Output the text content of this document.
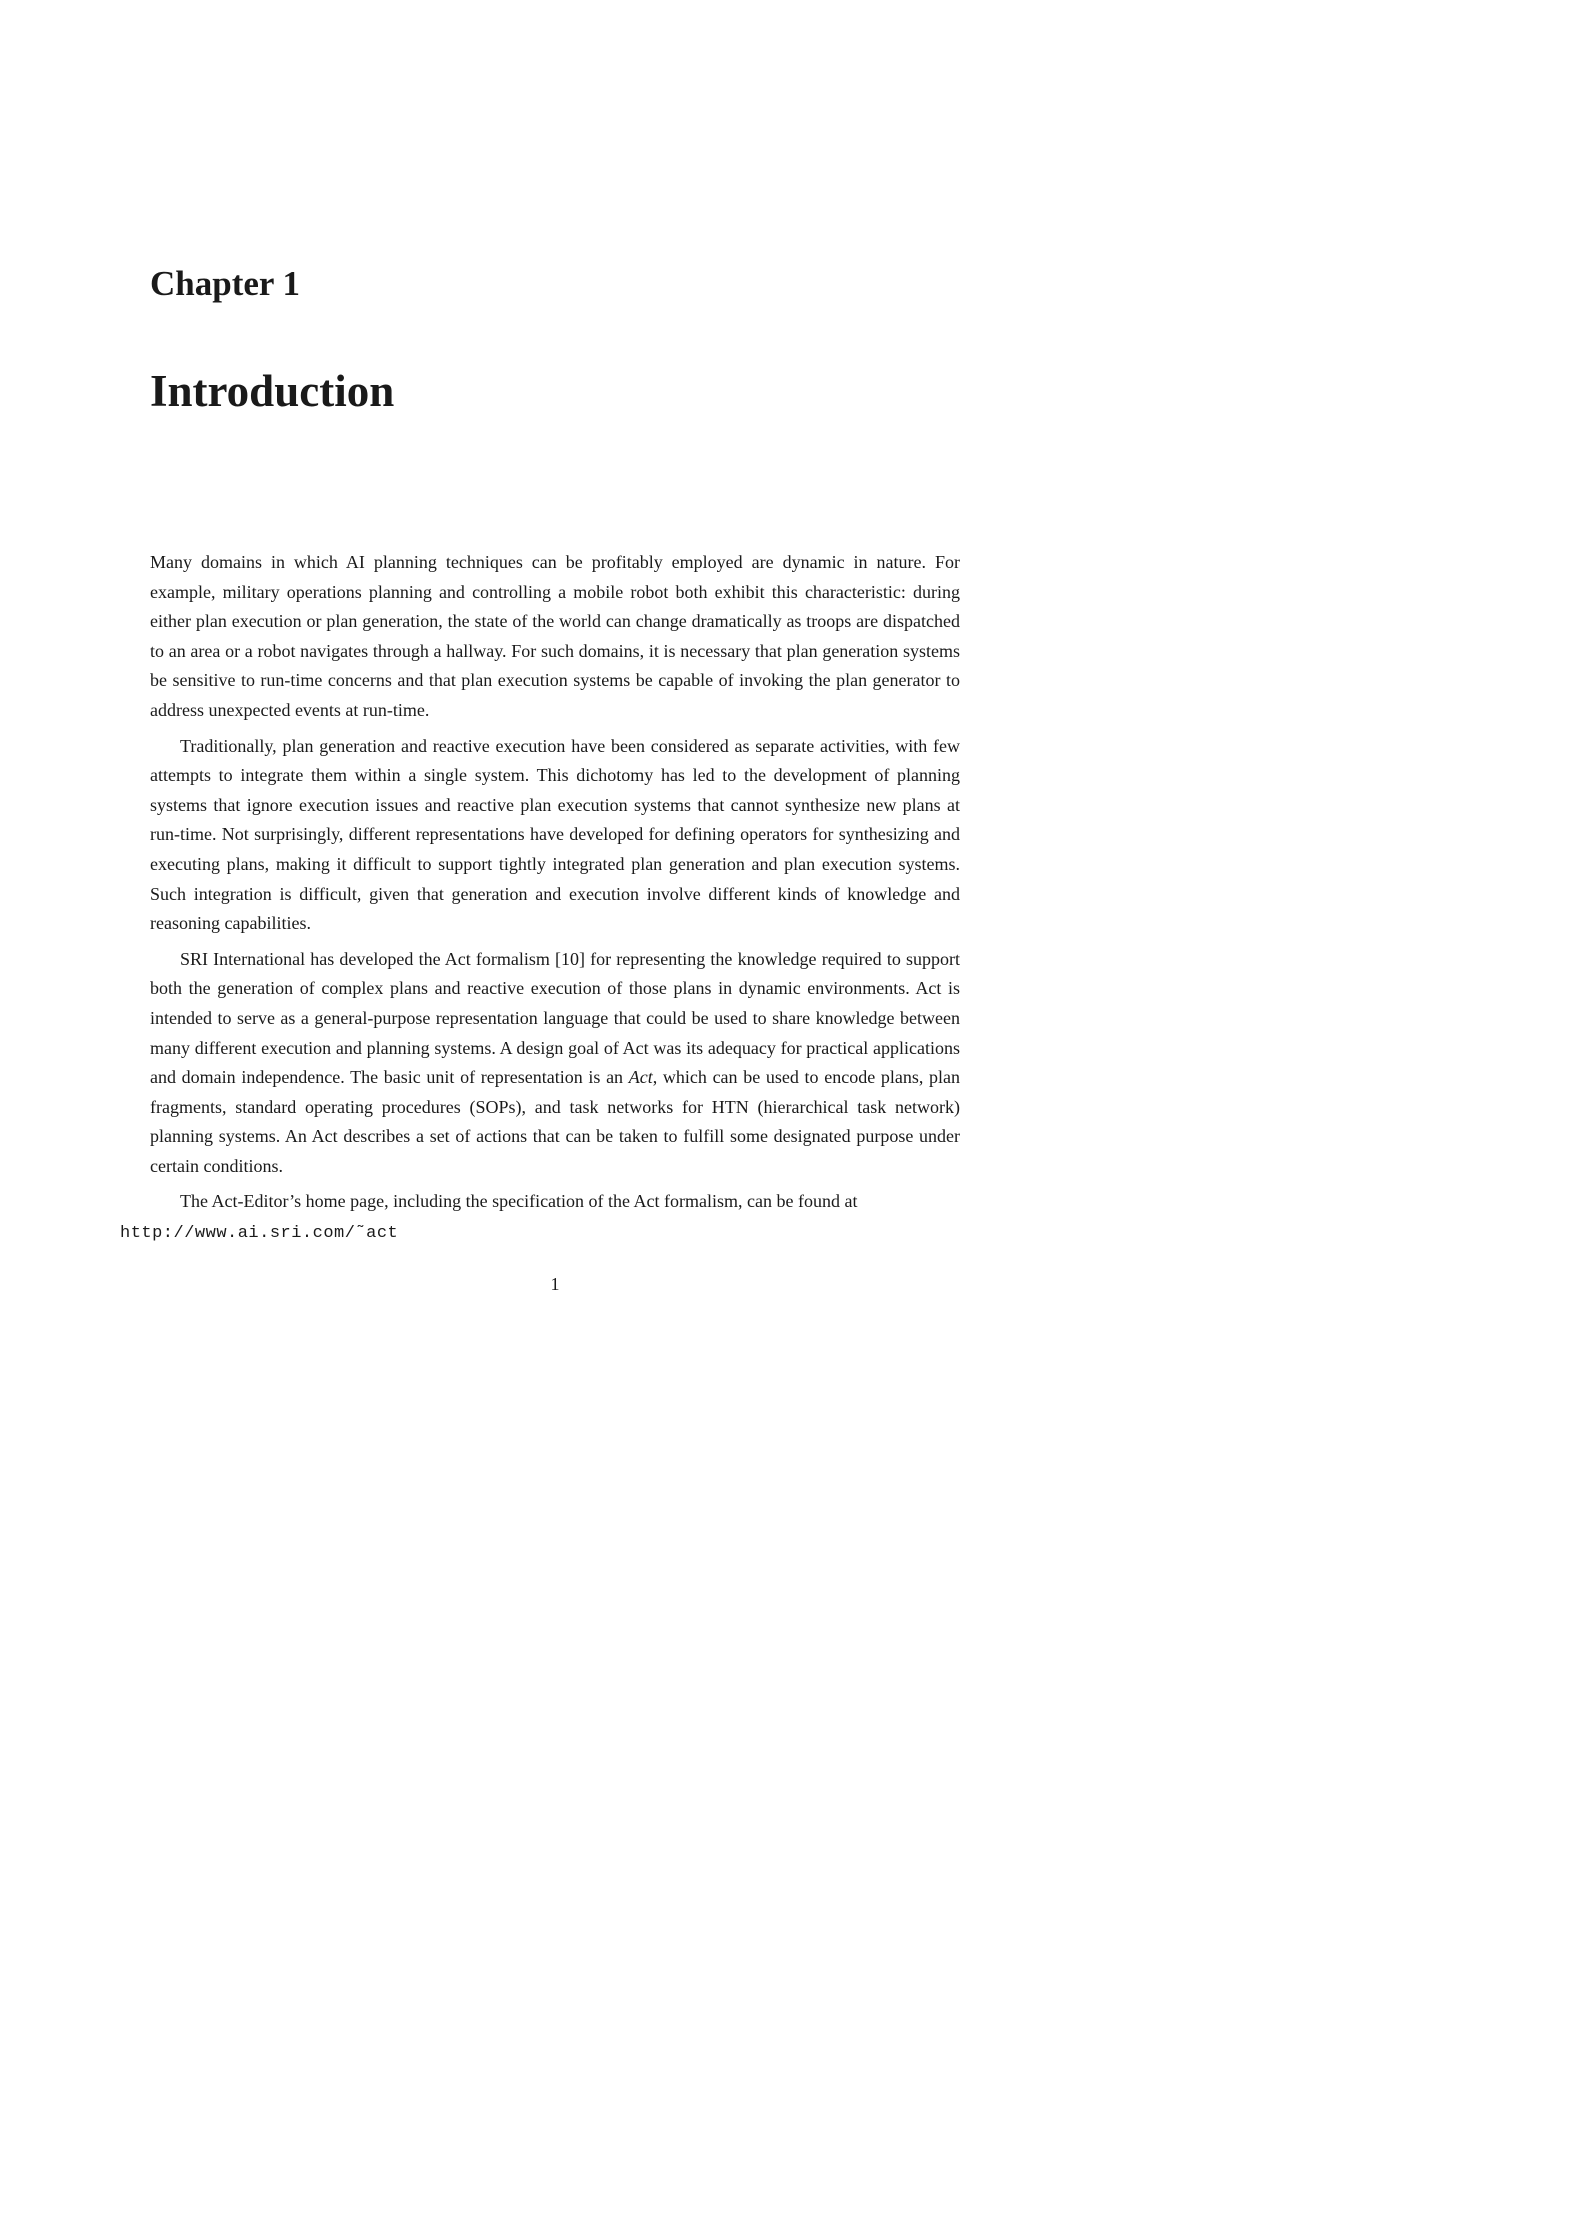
Chapter 1
Introduction

Many domains in which AI planning techniques can be profitably employed are dynamic in nature. For example, military operations planning and controlling a mobile robot both exhibit this characteristic: during either plan execution or plan generation, the state of the world can change dramatically as troops are dispatched to an area or a robot navigates through a hallway. For such domains, it is necessary that plan generation systems be sensitive to run-time concerns and that plan execution systems be capable of invoking the plan generator to address unexpected events at run-time.

Traditionally, plan generation and reactive execution have been considered as separate activities, with few attempts to integrate them within a single system. This dichotomy has led to the development of planning systems that ignore execution issues and reactive plan execution systems that cannot synthesize new plans at run-time. Not surprisingly, different representations have developed for defining operators for synthesizing and executing plans, making it difficult to support tightly integrated plan generation and plan execution systems. Such integration is difficult, given that generation and execution involve different kinds of knowledge and reasoning capabilities.

SRI International has developed the Act formalism [10] for representing the knowledge required to support both the generation of complex plans and reactive execution of those plans in dynamic environments. Act is intended to serve as a general-purpose representation language that could be used to share knowledge between many different execution and planning systems. A design goal of Act was its adequacy for practical applications and domain independence. The basic unit of representation is an Act, which can be used to encode plans, plan fragments, standard operating procedures (SOPs), and task networks for HTN (hierarchical task network) planning systems. An Act describes a set of actions that can be taken to fulfill some designated purpose under certain conditions.

The Act-Editor’s home page, including the specification of the Act formalism, can be found at
http://www.ai.sri.com/˜act

1
